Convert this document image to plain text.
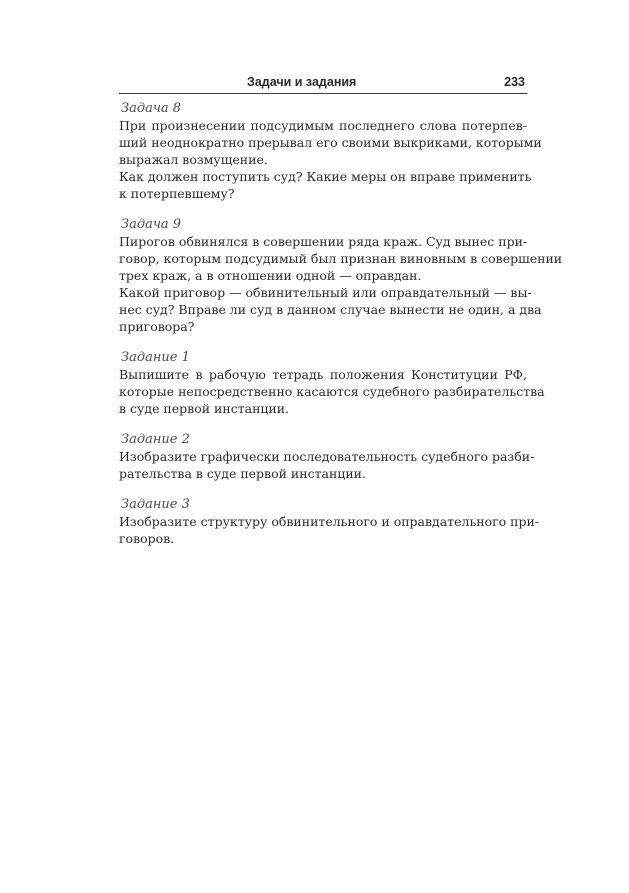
Задачи и задания	233
Задача 8
При произнесении подсудимым последнего слова потерпев-
ший неоднократно прерывал его своими выкриками, которыми
выражал возмущение.
Как должен поступить суд? Какие меры он вправе применить
к потерпевшему?
Задача 9
Пирогов обвинялся в совершении ряда краж. Суд вынес при-
говор, которым подсудимый был признан виновным в совершении
трех краж, а в отношении одной — оправдан.
Какой приговор — обвинительный или оправдательный — вы-
нес суд? Вправе ли суд в данном случае вынести не один, а два
приговора?
Задание 1
Выпишите в рабочую тетрадь положения Конституции РФ,
которые непосредственно касаются судебного разбирательства
в суде первой инстанции.
Задание 2
Изобразите графически последовательность судебного разби-
рательства в суде первой инстанции.
Задание 3
Изобразите структуру обвинительного и оправдательного при-
говоров.
